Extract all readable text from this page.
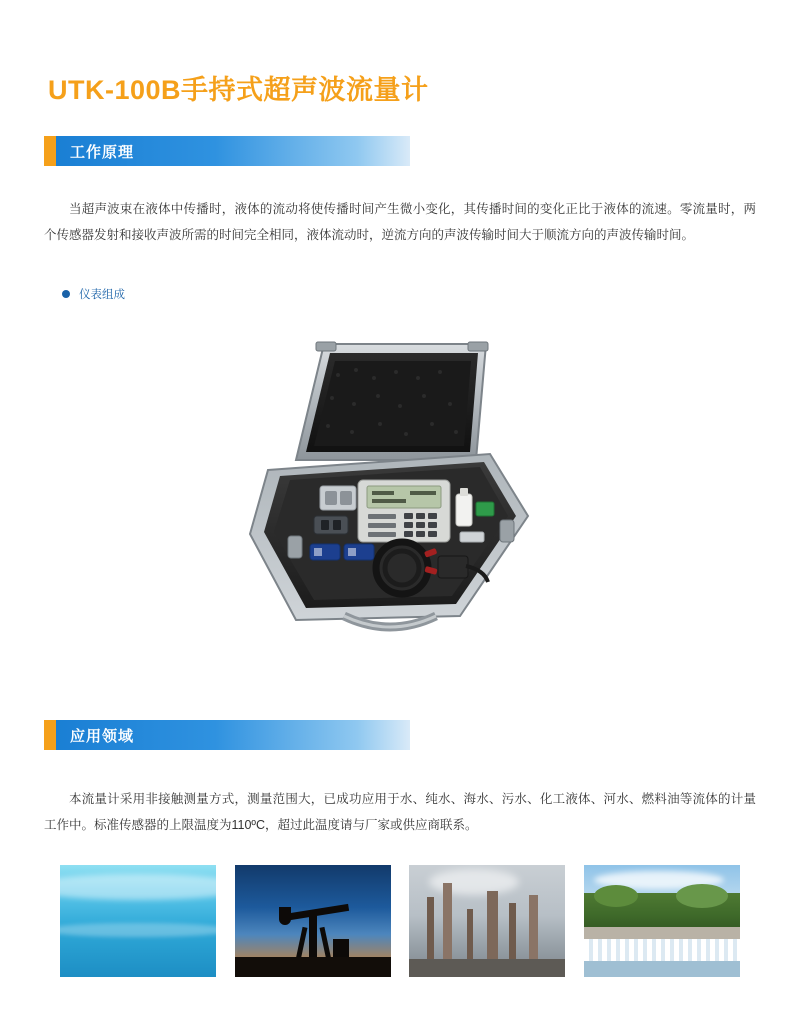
UTK-100B手持式超声波流量计
工作原理
当超声波束在液体中传播时，液体的流动将使传播时间产生微小变化，其传播时间的变化正比于液体的流速。零流量时，两个传感器发射和接收声波所需的时间完全相同，液体流动时，逆流方向的声波传输时间大于顺流方向的声波传输时间。
仪表组成
应用领域
本流量计采用非接触测量方式，测量范围大，已成功应用于水、纯水、海水、污水、化工液体、河水、燃料油等流体的计量工作中。标准传感器的上限温度为110ºC，超过此温度请与厂家或供应商联系。
